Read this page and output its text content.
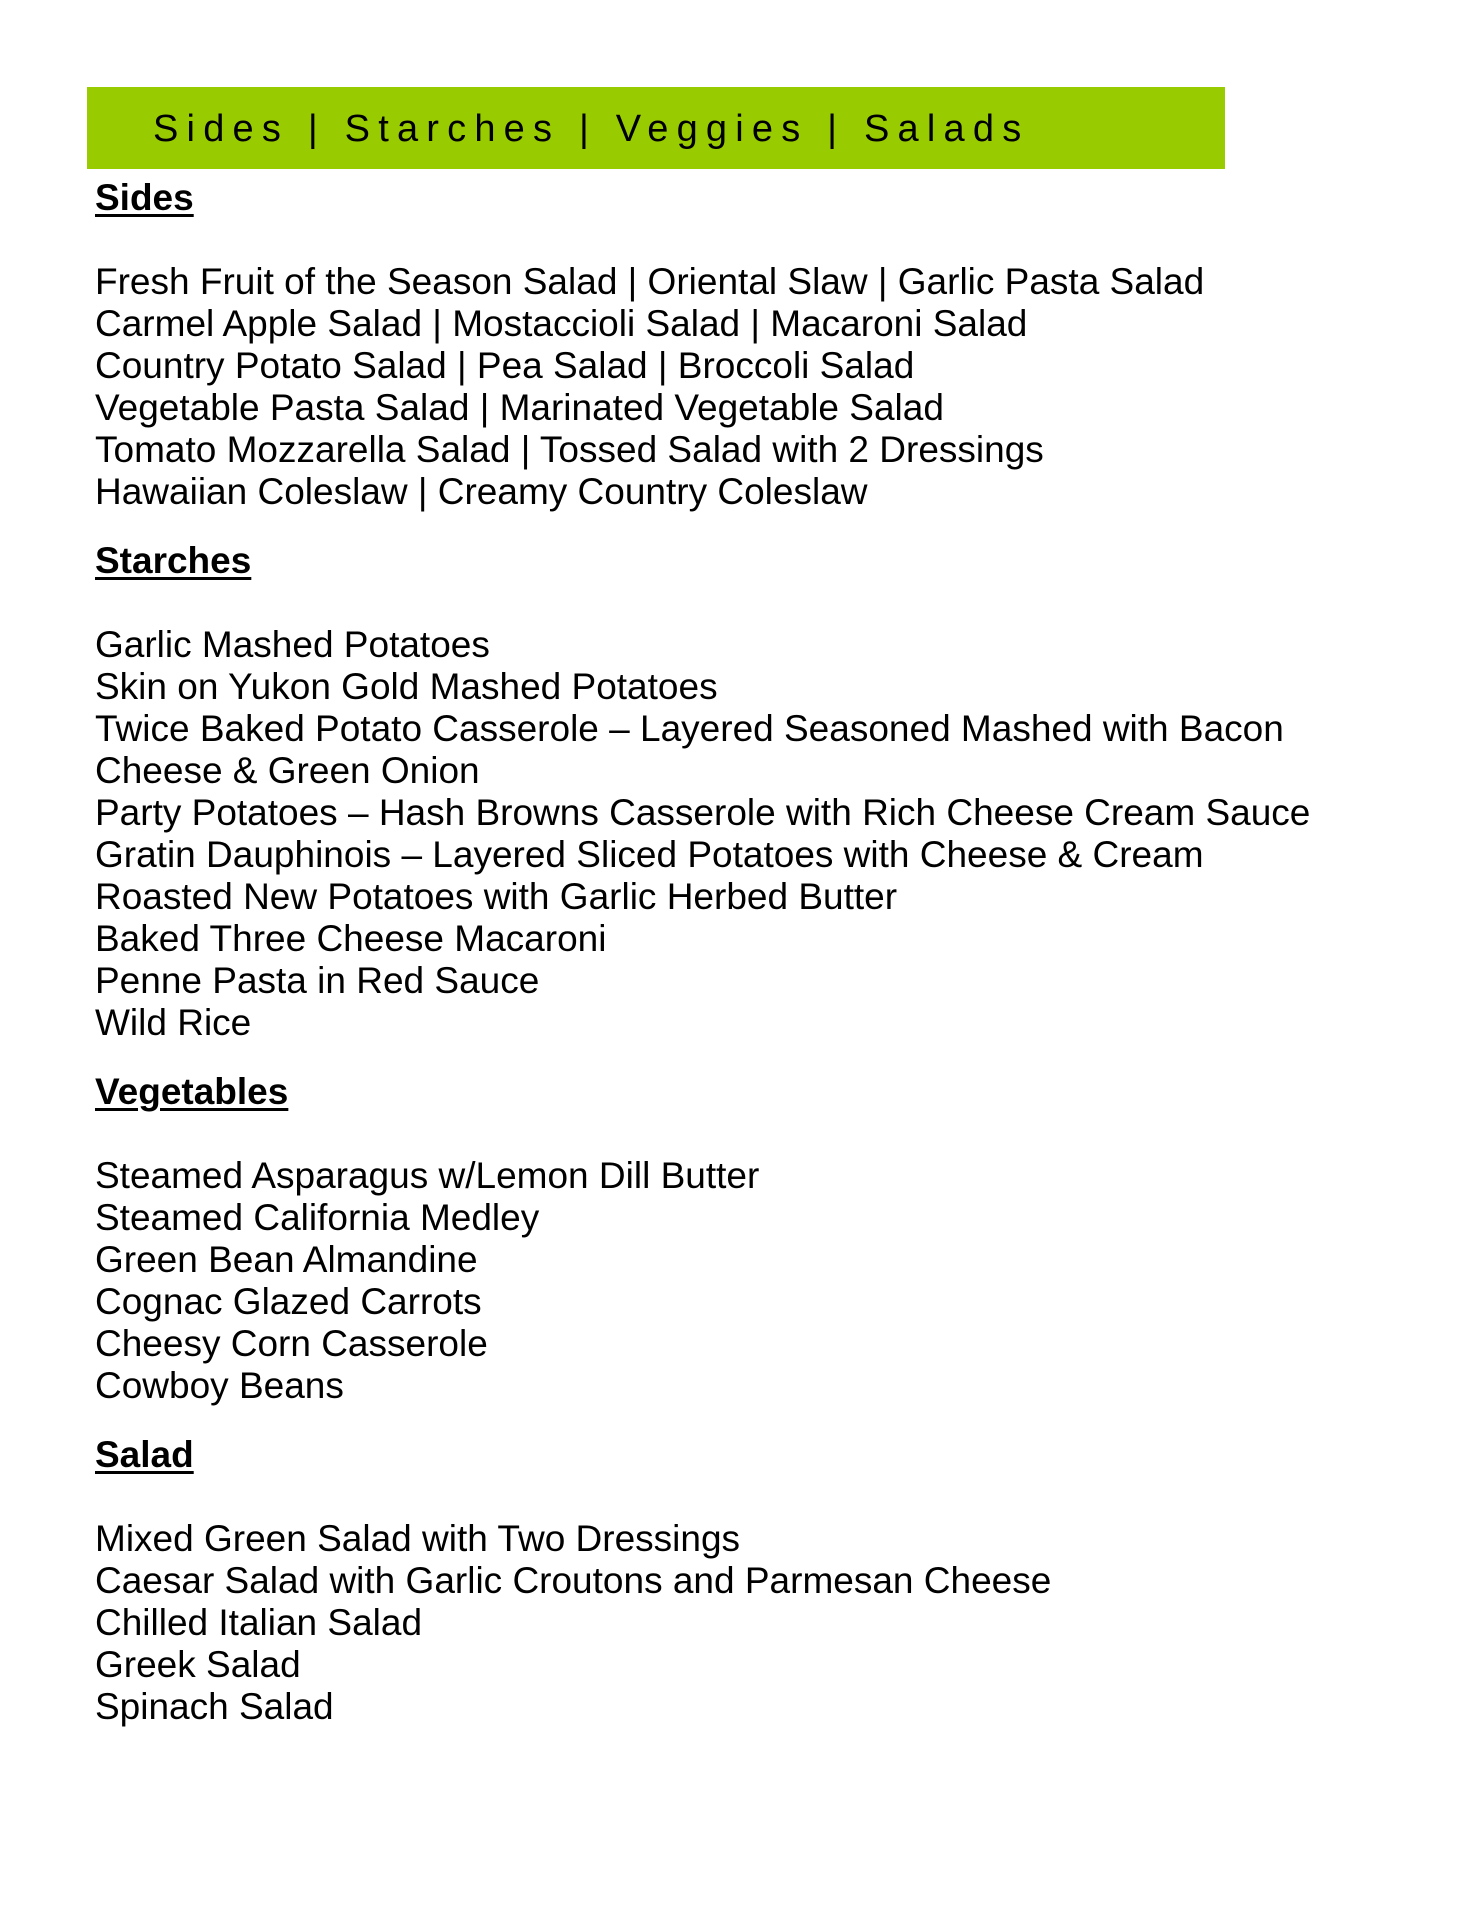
Sides | Starches | Veggies | Salads
Sides
Fresh Fruit of the Season Salad | Oriental Slaw | Garlic Pasta Salad
Carmel Apple Salad | Mostaccioli Salad | Macaroni Salad
Country Potato Salad | Pea Salad | Broccoli Salad
Vegetable Pasta Salad | Marinated Vegetable Salad
Tomato Mozzarella Salad | Tossed Salad with 2 Dressings
Hawaiian Coleslaw | Creamy Country Coleslaw
Starches
Garlic Mashed Potatoes
Skin on Yukon Gold Mashed Potatoes
Twice Baked Potato Casserole – Layered Seasoned Mashed with Bacon
Cheese & Green Onion
Party Potatoes – Hash Browns Casserole with Rich Cheese Cream Sauce
Gratin Dauphinois – Layered Sliced Potatoes with Cheese & Cream
Roasted New Potatoes with Garlic Herbed Butter
Baked Three Cheese Macaroni
Penne Pasta in Red Sauce
Wild Rice
Vegetables
Steamed Asparagus w/Lemon Dill Butter
Steamed California Medley
Green Bean Almandine
Cognac Glazed Carrots
Cheesy Corn Casserole
Cowboy Beans
Salad
Mixed Green Salad with Two Dressings
Caesar Salad with Garlic Croutons and Parmesan Cheese
Chilled Italian Salad
Greek Salad
Spinach Salad
